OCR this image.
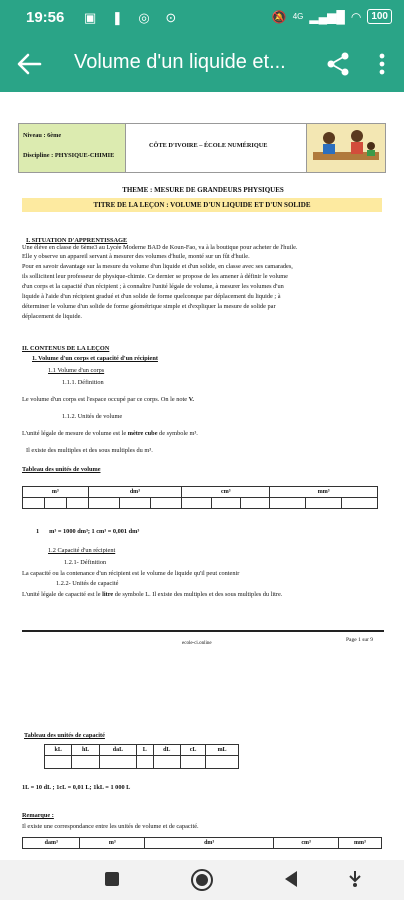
19:56 ▣ ❚ ◎ ⊙	🔕 4G ▂▄▆█ ◠	100
Volume d'un liquide et...
Niveau : 6ème
Discipline : PHYSIQUE-CHIMIE
CÔTE D'IVOIRE – ÉCOLE NUMÉRIQUE
THEME : MESURE DE GRANDEURS PHYSIQUES
TITRE DE LA LEÇON : VOLUME D'UN LIQUIDE ET D'UN SOLIDE
I. SITUATION D'APPRENTISSAGE
Une élève en classe de 6ème3 au Lycée Moderne BAD de Koun-Fao, va à la boutique pour acheter de l'huile.
Elle y observe un appareil servant à mesurer des volumes d'huile, monté sur un fût d'huile.
Pour en savoir davantage sur la mesure du volume d'un liquide et d'un solide, en classe avec ses camarades,
ils sollicitent leur professeur de physique-chimie. Ce dernier se propose de les amener à définir le volume
d'un corps et la capacité d'un récipient ; à connaître l'unité légale de volume, à mesurer les volumes d'un
liquide à l'aide d'un récipient gradué et d'un solide de forme quelconque par déplacement du liquide ; à
déterminer le volume d'un solide de forme géométrique simple et d'expliquer la mesure de solide par
déplacement de liquide.
II. CONTENUS DE LA LEÇON
1. Volume d'un corps et capacité d'un récipient
1.1 Volume d'un corps
1.1.1. Définition
Le volume d'un corps est l'espace occupé par ce corps. On le note V.
1.1.2. Unités de volume
L'unité légale de mesure de volume est le mètre cube de symbole m³.
Il existe des multiples et des sous multiples du m³.
Tableau des unités de volume
m³			dm³			cm³			mm³		

1 m³ = 1000 dm³; 1 cm³ = 0,001 dm³
1.2 Capacité d'un récipient
1.2.1- Définition
La capacité ou la contenance d'un récipient est le volume de liquide qu'il peut contenir
1.2.2- Unités de capacité
L'unité légale de capacité est le litre de symbole L. Il existe des multiples et des sous multiples du litre.
ecole-ci.online
Page 1 sur 9
Tableau des unités de capacité
kL	hL	daL	L	dL	cL	mL

1L = 10 dL ; 1cL = 0,01 L; 1kL = 1 000 L
Remarque :
Il existe une correspondance entre les unités de volume et de capacité.
dam³	m³	dm³	cm³	mm³
